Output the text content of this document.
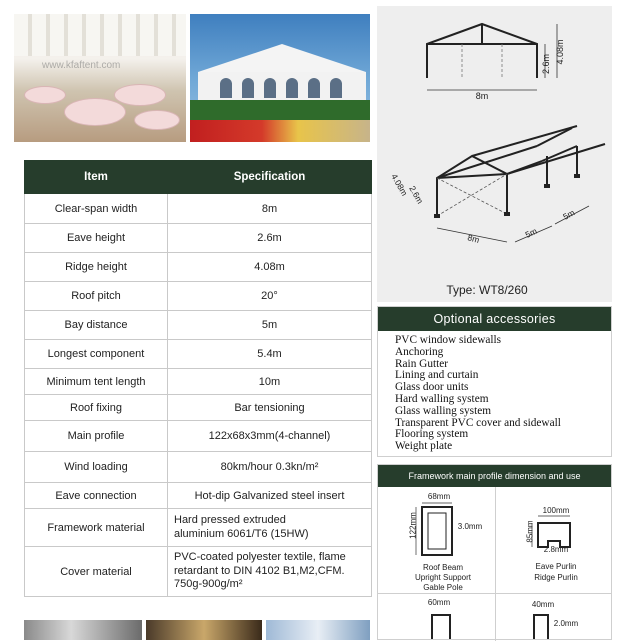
www.kfaftent.com
Item	Specification
Clear-span width	8m
Eave height	2.6m
Ridge height	4.08m
Roof pitch	20°
Bay distance	5m
Longest component	5.4m
Minimum tent length	10m
Roof fixing	Bar tensioning
Main profile	122x68x3mm(4-channel)
Wind loading	80km/hour 0.3kn/m²
Eave connection	Hot-dip Galvanized steel insert
Framework material	Hard pressed extruded
aluminium 6061/T6 (15HW)
Cover material	PVC-coated polyester textile, flame
retardant to DIN 4102 B1,M2,CFM.
750g-900g/m²
8m
2.6m 4.08m
8m	5m
5m
4.08m
2.6m
Type: WT8/260
Optional accessories
PVC window sidewalls
Anchoring
Rain Gutter
Lining and curtain
Glass door units
Hard walling system
Glass walling system
Transparent PVC cover and sidewall
Flooring system
Weight plate
Framework main profile dimension and use
68mm
122mm	3.0mm
Roof Beam
Upright Support
Gable Pole
100mm
85mm
2.8mm
Eave Purlin
Ridge Purlin
60mm	40mm
2.0mm
